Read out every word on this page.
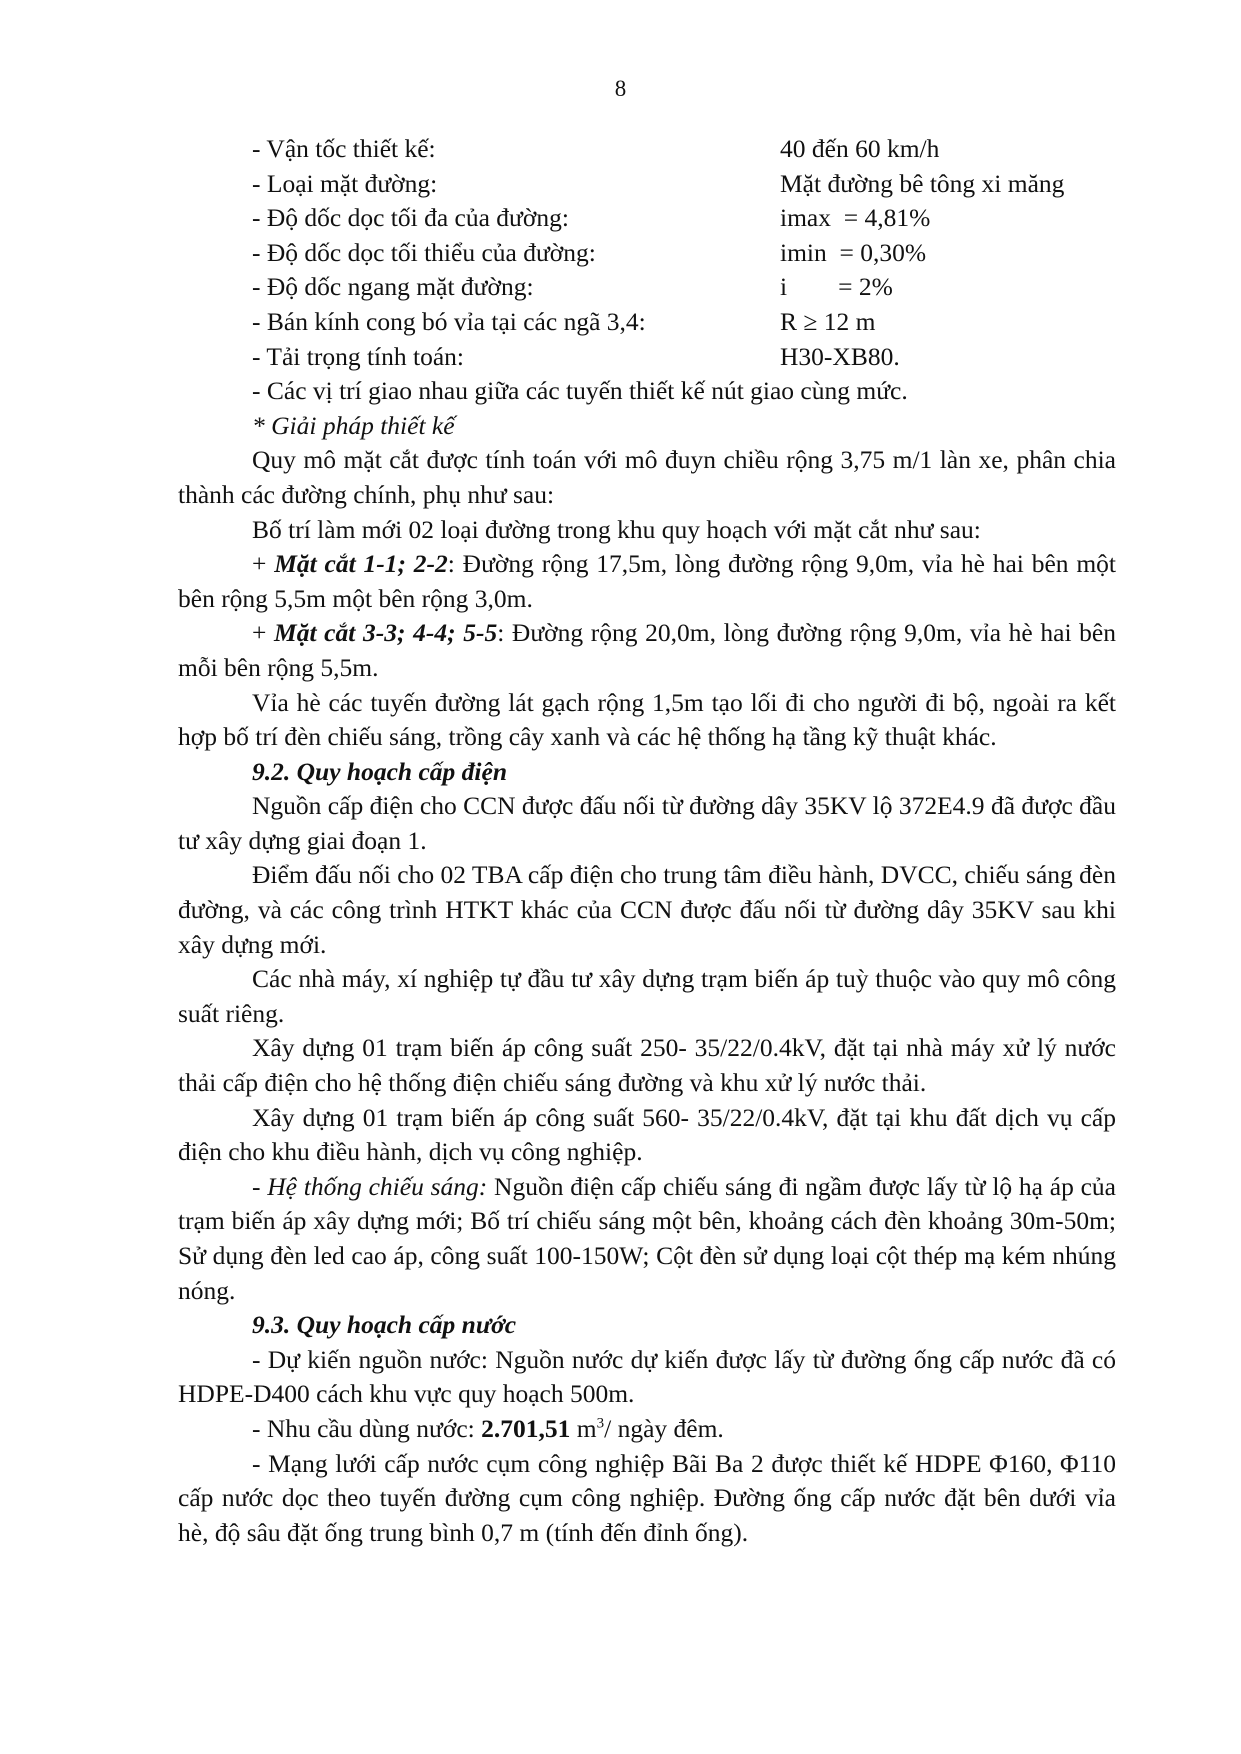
8
- Vận tốc thiết kế:	40 đến 60 km/h
- Loại mặt đường:	Mặt đường bê tông xi măng
- Độ dốc dọc tối đa của đường:	imax  = 4,81%
- Độ dốc dọc tối thiểu của đường:	imin  = 0,30%
- Độ dốc ngang mặt đường:	i        = 2%
- Bán kính cong bó vỉa tại các ngã 3,4:	R ≥ 12 m
- Tải trọng tính toán:	H30-XB80.
- Các vị trí giao nhau giữa các tuyến thiết kế nút giao cùng mức.
* Giải pháp thiết kế

Quy mô mặt cắt được tính toán với mô đuyn chiều rộng 3,75 m/1 làn xe, phân chia thành các đường chính, phụ như sau:

Bố trí làm mới 02 loại đường trong khu quy hoạch với mặt cắt như sau:

+ Mặt cắt 1-1; 2-2: Đường rộng 17,5m, lòng đường rộng 9,0m, vỉa hè hai bên một bên rộng 5,5m một bên rộng 3,0m.

+ Mặt cắt 3-3; 4-4; 5-5: Đường rộng 20,0m, lòng đường rộng 9,0m, vỉa hè hai bên mỗi bên rộng 5,5m.

Vỉa hè các tuyến đường lát gạch rộng 1,5m tạo lối đi cho người đi bộ, ngoài ra kết hợp bố trí đèn chiếu sáng, trồng cây xanh và các hệ thống hạ tầng kỹ thuật khác.

9.2. Quy hoạch cấp điện

Nguồn cấp điện cho CCN được đấu nối từ đường dây 35KV lộ 372E4.9 đã được đầu tư xây dựng giai đoạn 1.

Điểm đấu nối cho 02 TBA cấp điện cho trung tâm điều hành, DVCC, chiếu sáng đèn đường, và các công trình HTKT khác của CCN được đấu nối từ đường dây 35KV sau khi xây dựng mới.

Các nhà máy, xí nghiệp tự đầu tư xây dựng trạm biến áp tuỳ thuộc vào quy mô công suất riêng.

Xây dựng 01 trạm biến áp công suất 250- 35/22/0.4kV, đặt tại nhà máy xử lý nước thải cấp điện cho hệ thống điện chiếu sáng đường và khu xử lý nước thải.

Xây dựng 01 trạm biến áp công suất 560- 35/22/0.4kV, đặt tại khu đất dịch vụ cấp điện cho khu điều hành, dịch vụ công nghiệp.

- Hệ thống chiếu sáng: Nguồn điện cấp chiếu sáng đi ngầm được lấy từ lộ hạ áp của trạm biến áp xây dựng mới; Bố trí chiếu sáng một bên, khoảng cách đèn khoảng 30m-50m; Sử dụng đèn led cao áp, công suất 100-150W; Cột đèn sử dụng loại cột thép mạ kém nhúng nóng.

9.3. Quy hoạch cấp nước

- Dự kiến nguồn nước: Nguồn nước dự kiến được lấy từ đường ống cấp nước đã có HDPE-D400 cách khu vực quy hoạch 500m.

- Nhu cầu dùng nước: 2.701,51 $m^3/$ ngày đêm.

- Mạng lưới cấp nước cụm công nghiệp Bãi Ba 2 được thiết kế HDPE Φ160, Φ110 cấp nước dọc theo tuyến đường cụm công nghiệp. Đường ống cấp nước đặt bên dưới vỉa hè, độ sâu đặt ống trung bình 0,7 m (tính đến đỉnh ống).
